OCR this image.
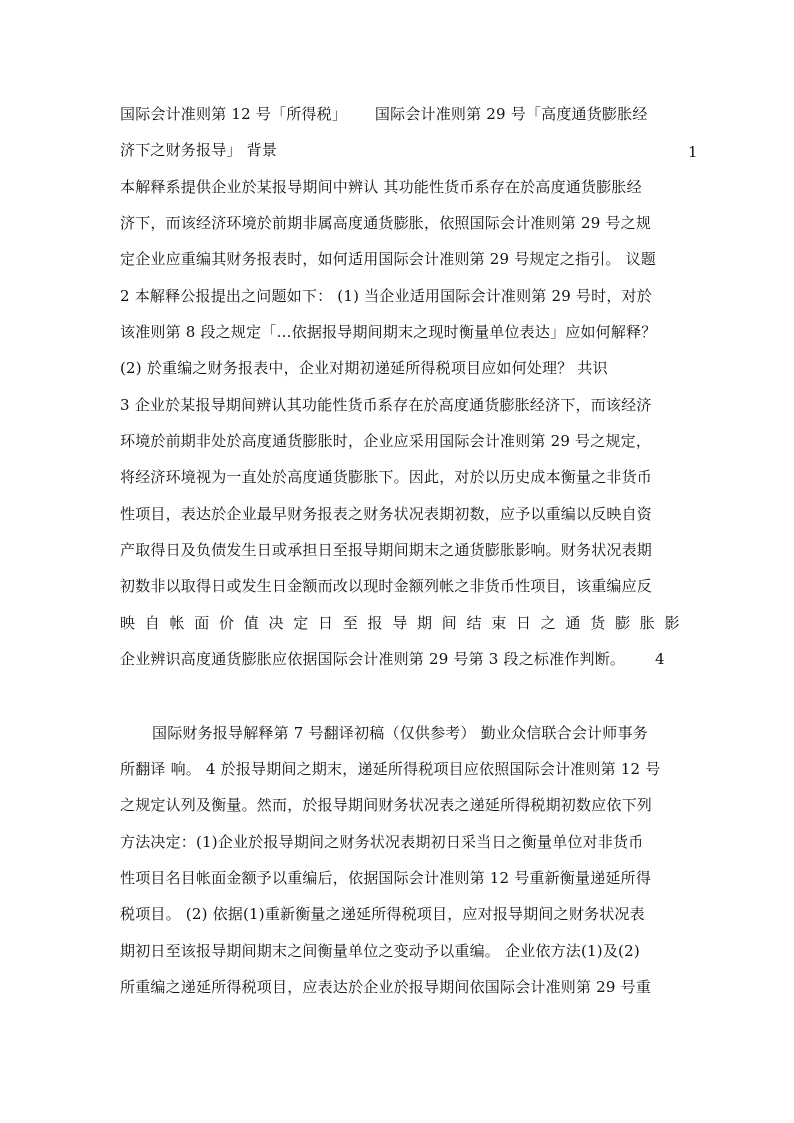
国际会计准则第 12 号「所得税」　　 国际会计准则第 29 号「高度通货膨胀经
济下之财务报导」 背景	1
本解释系提供企业於某报导期间中辨认 其功能性货币系存在於高度通货膨胀经
济下，而该经济环境於前期非属高度通货膨胀，依照国际会计准则第 29 号之规
定企业应重编其财务报表时，如何适用国际会计准则第 29 号规定之指引。 议题
2 本解释公报提出之问题如下： (1) 当企业适用国际会计准则第 29 号时，对於
该准则第 8 段之规定「…依据报导期间期末之现时衡量单位表达」应如何解释？
(2) 於重编之财务报表中，企业对期初递延所得税项目应如何处理？ 共识
3 企业於某报导期间辨认其功能性货币系存在於高度通货膨胀经济下，而该经济
环境於前期非处於高度通货膨胀时，企业应采用国际会计准则第 29 号之规定，
将经济环境视为一直处於高度通货膨胀下。因此，对於以历史成本衡量之非货币
性项目，表达於企业最早财务报表之财务状况表期初数，应予以重编以反映自资
产取得日及负债发生日或承担日至报导期间期末之通货膨胀影响。财务状况表期
初数非以取得日或发生日金额而改以现时金额列帐之非货币性项目，该重编应反
映 自 帐 面 价 值 决 定 日 至 报 导 期 间 结 束 日 之 通 货 膨 胀 影
企业辨识高度通货膨胀应依据国际会计准则第 29 号第 3 段之标准作判断。	4
国际财务报导解释第 7 号翻译初稿（仅供参考） 勤业众信联合会计师事务
所翻译 响。 4 於报导期间之期末，递延所得税项目应依照国际会计准则第 12 号
之规定认列及衡量。然而，於报导期间财务状况表之递延所得税期初数应依下列
方法决定：(1)企业於报导期间之财务状况表期初日采当日之衡量单位对非货币
性项目名目帐面金额予以重编后，依据国际会计准则第 12 号重新衡量递延所得
税项目。 (2) 依据(1)重新衡量之递延所得税项目，应对报导期间之财务状况表
期初日至该报导期间期末之间衡量单位之变动予以重编。 企业依方法(1)及(2)
所重编之递延所得税项目，应表达於企业於报导期间依国际会计准则第 29 号重
